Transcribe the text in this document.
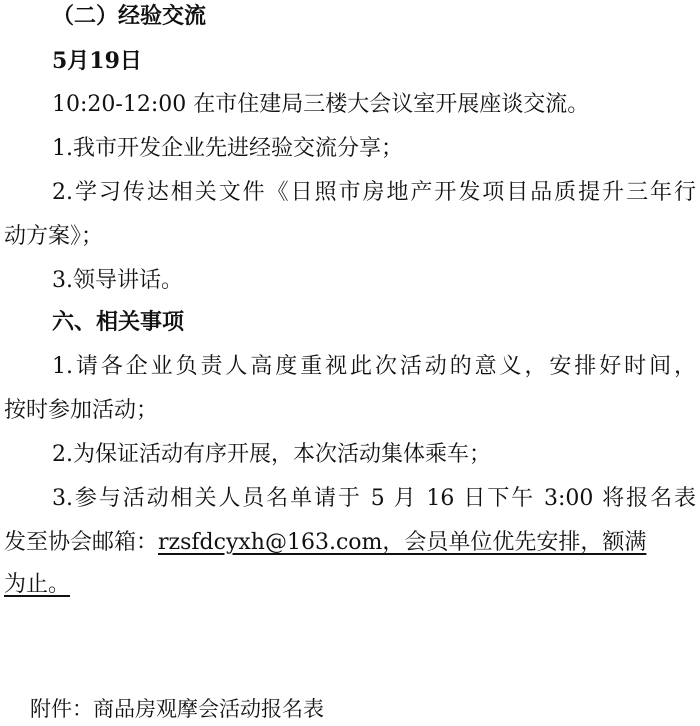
（二）经验交流
5月19日
10:20-12:00 在市住建局三楼大会议室开展座谈交流。
1.我市开发企业先进经验交流分享；
2.学习传达相关文件《日照市房地产开发项目品质提升三年行
动方案》；
3.领导讲话。
六、相关事项
1.请各企业负责人高度重视此次活动的意义，安排好时间，
按时参加活动；
2.为保证活动有序开展，本次活动集体乘车；
3.参与活动相关人员名单请于 5 月 16 日下午 3:00 将报名表
发至协会邮箱：rzsfdcyxh@163.com，会员单位优先安排，额满
为止。
附件：商品房观摩会活动报名表
